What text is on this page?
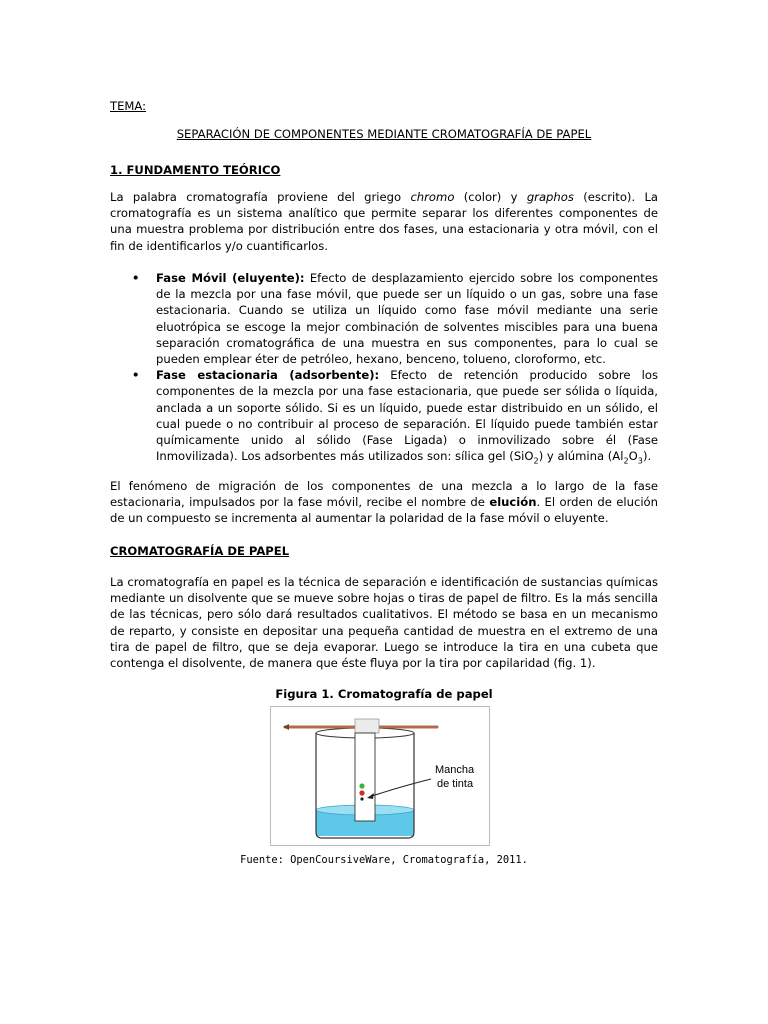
TEMA:
SEPARACIÓN DE COMPONENTES MEDIANTE CROMATOGRAFÍA DE PAPEL
1. FUNDAMENTO TEÓRICO
La palabra cromatografía proviene del griego chromo (color) y graphos (escrito). La cromatografía es un sistema analítico que permite separar los diferentes componentes de una muestra problema por distribución entre dos fases, una estacionaria y otra móvil, con el fin de identificarlos y/o cuantificarlos.
• Fase Móvil (eluyente): Efecto de desplazamiento ejercido sobre los componentes de la mezcla por una fase móvil, que puede ser un líquido o un gas, sobre una fase estacionaria. Cuando se utiliza un líquido como fase móvil mediante una serie eluotrópica se escoge la mejor combinación de solventes miscibles para una buena separación cromatográfica de una muestra en sus componentes, para lo cual se pueden emplear éter de petróleo, hexano, benceno, tolueno, cloroformo, etc.
• Fase estacionaria (adsorbente): Efecto de retención producido sobre los componentes de la mezcla por una fase estacionaria, que puede ser sólida o líquida, anclada a un soporte sólido. Si es un líquido, puede estar distribuido en un sólido, el cual puede o no contribuir al proceso de separación. El líquido puede también estar químicamente unido al sólido (Fase Ligada) o inmovilizado sobre él (Fase Inmovilizada). Los adsorbentes más utilizados son: sílica gel (SiO$_2$) y alúmina $(Al_2O_3)$.
El fenómeno de migración de los componentes de una mezcla a lo largo de la fase estacionaria, impulsados por la fase móvil, recibe el nombre de elución. El orden de elución de un compuesto se incrementa al aumentar la polaridad de la fase móvil o eluyente.
CROMATOGRAFÍA DE PAPEL
La cromatografía en papel es la técnica de separación e identificación de sustancias químicas mediante un disolvente que se mueve sobre hojas o tiras de papel de filtro. Es la más sencilla de las técnicas, pero sólo dará resultados cualitativos. El método se basa en un mecanismo de reparto, y consiste en depositar una pequeña cantidad de muestra en el extremo de una tira de papel de filtro, que se deja evaporar. Luego se introduce la tira en una cubeta que contenga el disolvente, de manera que éste fluya por la tira por capilaridad (fig. 1).
Figura 1. Cromatografía de papel
Mancha
de tinta
Fuente: OpenCoursiveWare, Cromatografía, 2011.
